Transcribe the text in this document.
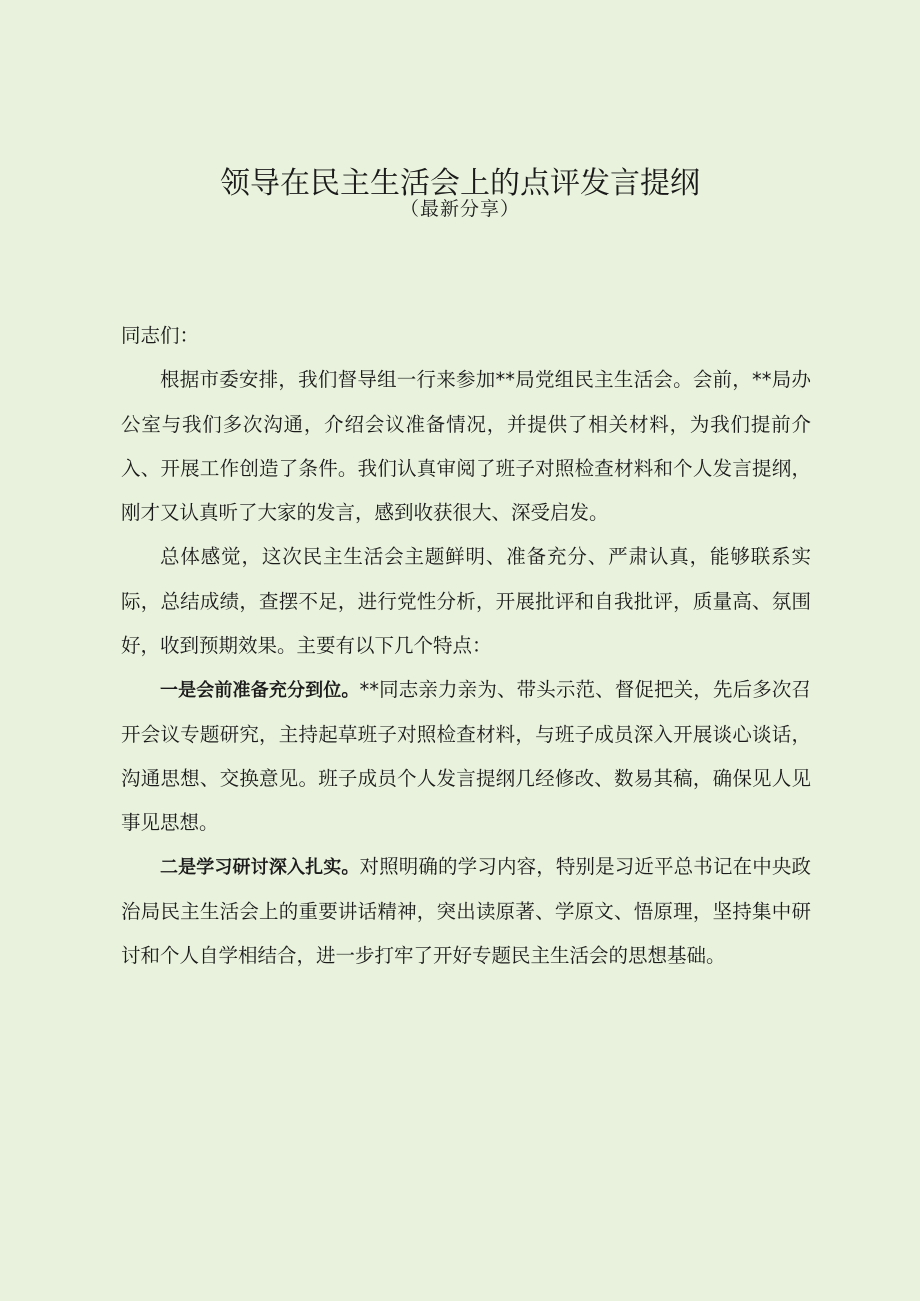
领导在民主生活会上的点评发言提纲

（最新分享）

同志们：

根据市委安排，我们督导组一行来参加**局党组民主生活会。会前，**局办公室与我们多次沟通，介绍会议准备情况，并提供了相关材料，为我们提前介入、开展工作创造了条件。我们认真审阅了班子对照检查材料和个人发言提纲，刚才又认真听了大家的发言，感到收获很大、深受启发。

总体感觉，这次民主生活会主题鲜明、准备充分、严肃认真，能够联系实际，总结成绩，查摆不足，进行党性分析，开展批评和自我批评，质量高、氛围好，收到预期效果。主要有以下几个特点：

一是会前准备充分到位。**同志亲力亲为、带头示范、督促把关，先后多次召开会议专题研究，主持起草班子对照检查材料，与班子成员深入开展谈心谈话，沟通思想、交换意见。班子成员个人发言提纲几经修改、数易其稿，确保见人见事见思想。

二是学习研讨深入扎实。对照明确的学习内容，特别是习近平总书记在中央政治局民主生活会上的重要讲话精神，突出读原著、学原文、悟原理，坚持集中研讨和个人自学相结合，进一步打牢了开好专题民主生活会的思想基础。
